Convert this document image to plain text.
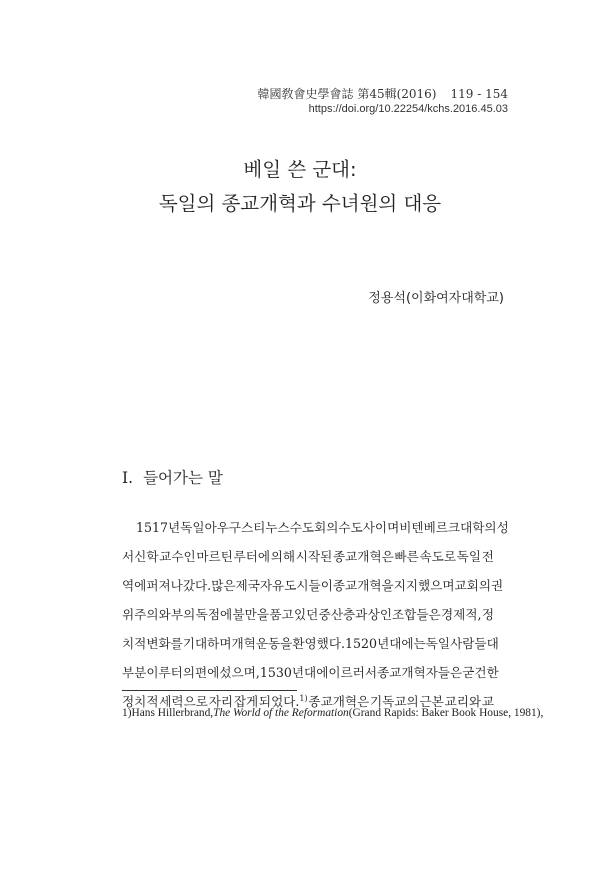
韓國敎會史學會誌 第45輯(2016) 119 - 154
https://doi.org/10.22254/kchs.2016.45.03
베일 쓴 군대:
독일의 종교개혁과 수녀원의 대응
정용석(이화여자대학교)
I. 들어가는 말
1517년 독일 아우구스티누스 수도회의 수도사이며 비텐베르크 대학의 성
서신학 교수인 마르틴 루터에 의해 시작된 종교개혁은 빠른 속도로 독일 전
역에 퍼져나갔다. 많은 제국자유도시들이 종교개혁을 지지했으며 교회의 권
위주의와 부의 독점에 불만을 품고 있던 중산층과 상인조합들은 경제적, 정
치적 변화를 기대하며 개혁운동을 환영했다. 1520년대에는 독일 사람들 대
부분이 루터의 편에 섰으며, 1530년대에 이르러서 종교개혁자들은 굳건한
정치적 세력으로 자리 잡게 되었다.$^{1)}$ 종교개혁은 기독교의 근본 교리와 교
1) Hans Hillerbrand, The World of the Reformation (Grand Rapids: Baker Book House, 1981),
